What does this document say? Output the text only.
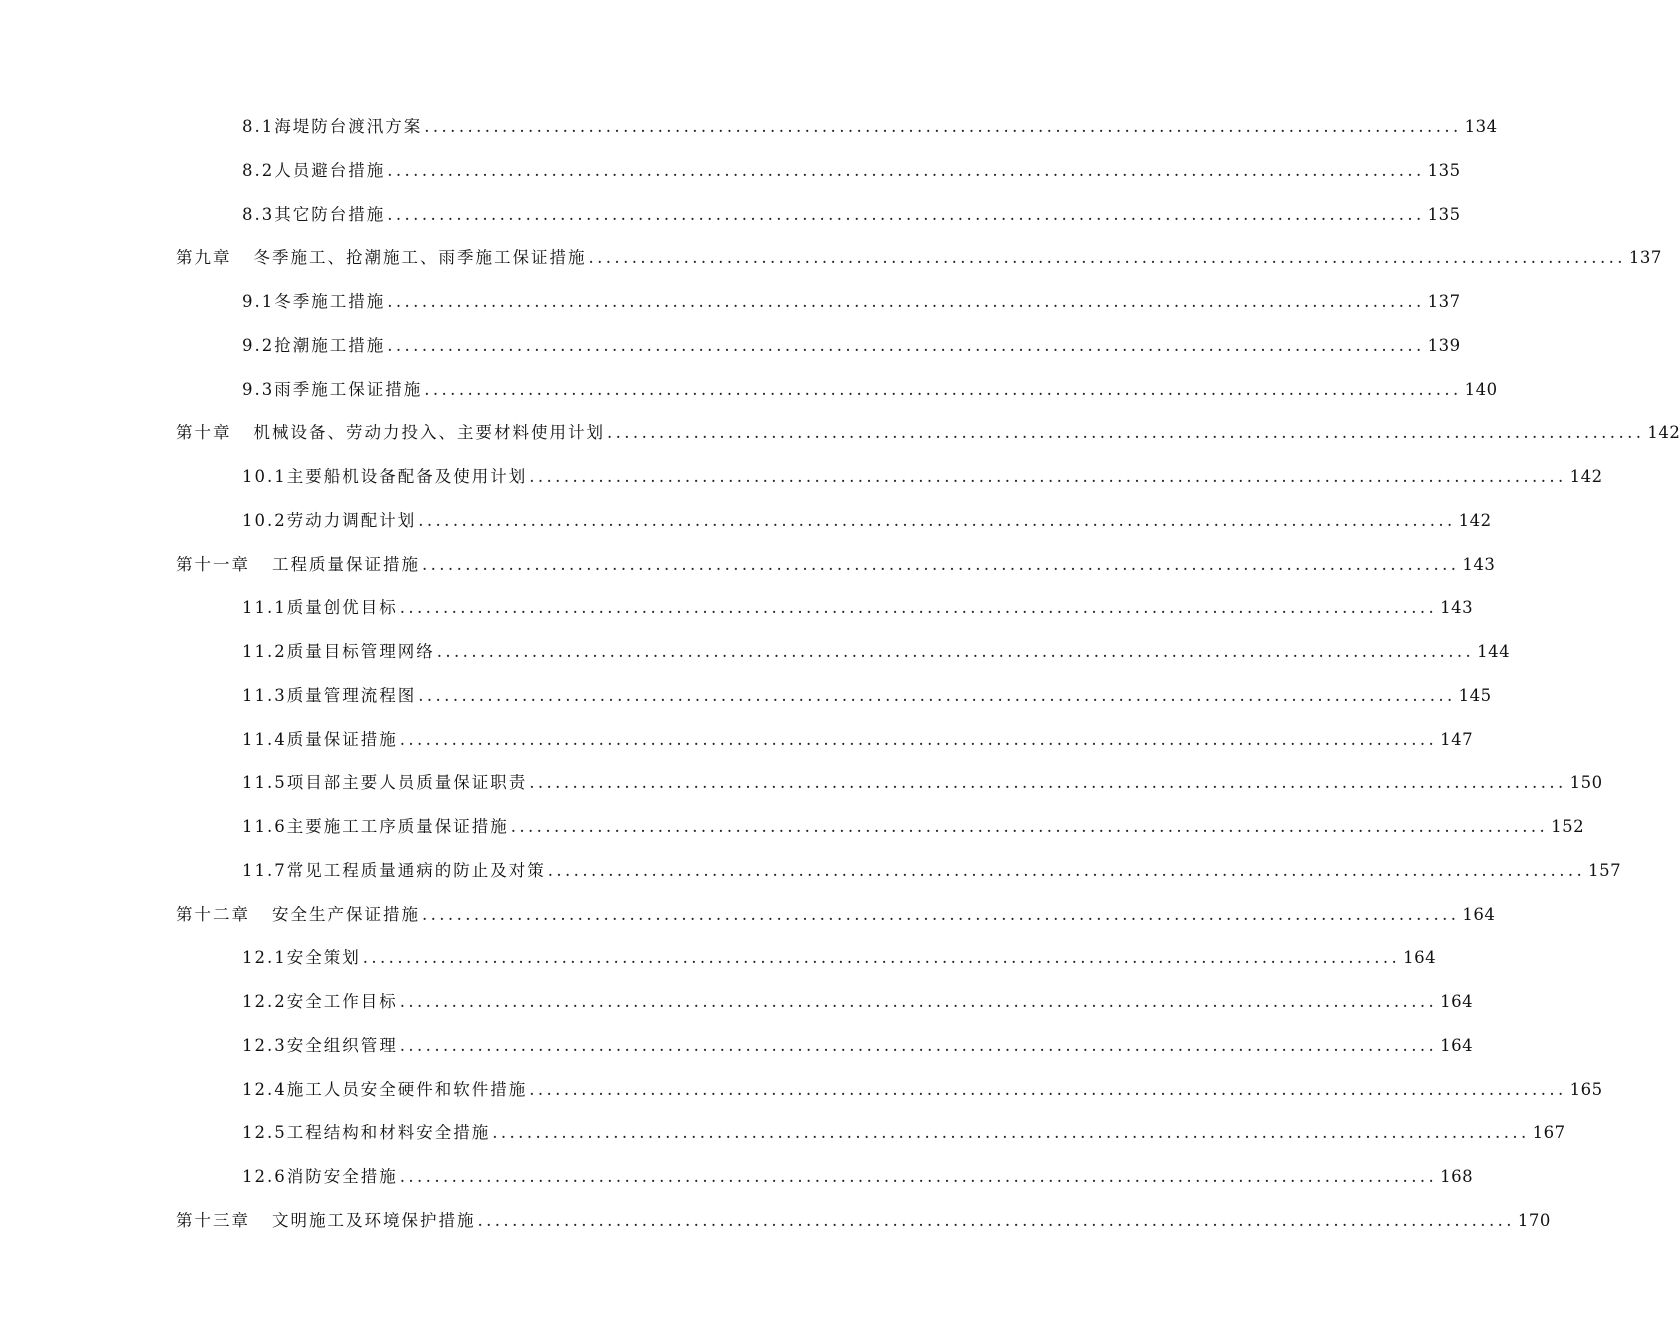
8.1海堤防台渡汛方案 ........................................................................................................................ 134
8.2人员避台措施 ........................................................................................................................ 135
8.3其它防台措施 ........................................................................................................................ 135
第九章 冬季施工、抢潮施工、雨季施工保证措施 ........................................................................................................................ 137
9.1冬季施工措施 ........................................................................................................................ 137
9.2抢潮施工措施 ........................................................................................................................ 139
9.3雨季施工保证措施 ........................................................................................................................ 140
第十章 机械设备、劳动力投入、主要材料使用计划 ........................................................................................................................ 142
10.1主要船机设备配备及使用计划 ........................................................................................................................ 142
10.2劳动力调配计划 ........................................................................................................................ 142
第十一章 工程质量保证措施 ........................................................................................................................ 143
11.1质量创优目标 ........................................................................................................................ 143
11.2质量目标管理网络 ........................................................................................................................ 144
11.3质量管理流程图 ........................................................................................................................ 145
11.4质量保证措施 ........................................................................................................................ 147
11.5项目部主要人员质量保证职责 ........................................................................................................................ 150
11.6主要施工工序质量保证措施 ........................................................................................................................ 152
11.7常见工程质量通病的防止及对策 ........................................................................................................................ 157
第十二章 安全生产保证措施 ........................................................................................................................ 164
12.1安全策划 ........................................................................................................................ 164
12.2安全工作目标 ........................................................................................................................ 164
12.3安全组织管理 ........................................................................................................................ 164
12.4施工人员安全硬件和软件措施 ........................................................................................................................ 165
12.5工程结构和材料安全措施 ........................................................................................................................ 167
12.6消防安全措施 ........................................................................................................................ 168
第十三章 文明施工及环境保护措施 ........................................................................................................................ 170
